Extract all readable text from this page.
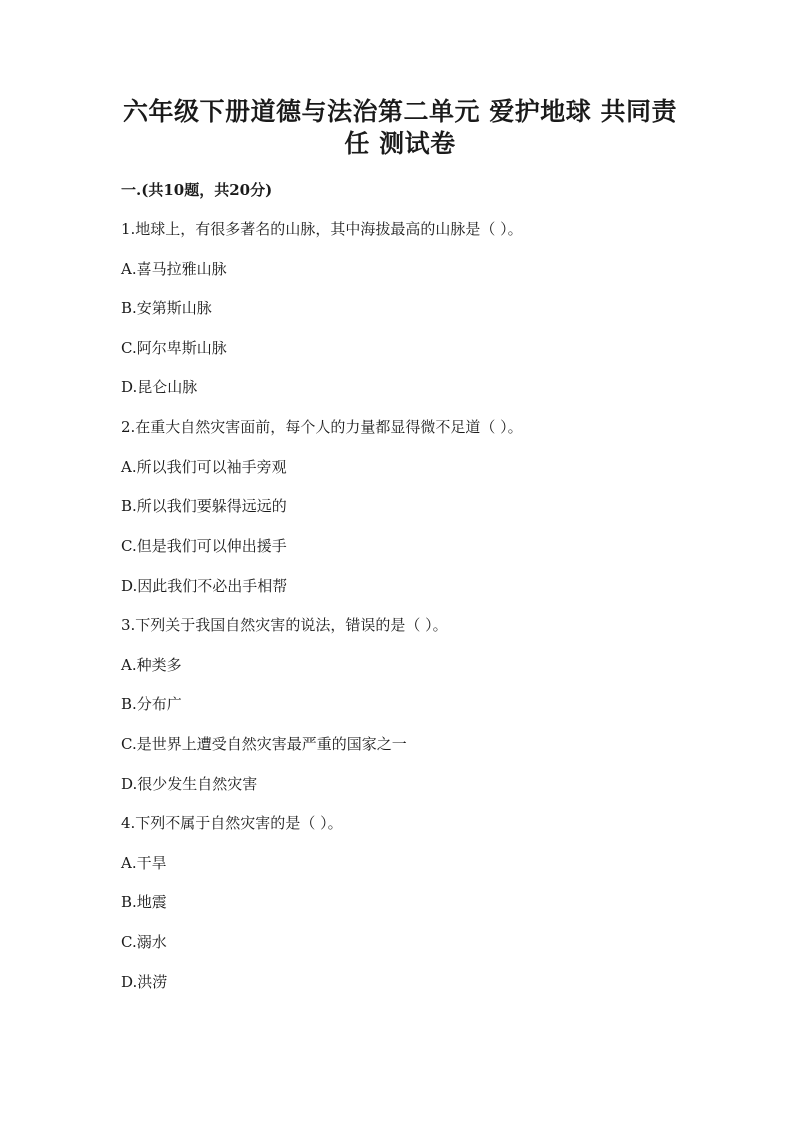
六年级下册道德与法治第二单元 爱护地球 共同责
任 测试卷
一.(共10题，共20分)
1.地球上，有很多著名的山脉，其中海拔最高的山脉是（ ）。
A.喜马拉雅山脉
B.安第斯山脉
C.阿尔卑斯山脉
D.昆仑山脉
2.在重大自然灾害面前，每个人的力量都显得微不足道（ ）。
A.所以我们可以袖手旁观
B.所以我们要躲得远远的
C.但是我们可以伸出援手
D.因此我们不必出手相帮
3.下列关于我国自然灾害的说法，错误的是（ ）。
A.种类多
B.分布广
C.是世界上遭受自然灾害最严重的国家之一
D.很少发生自然灾害
4.下列不属于自然灾害的是（ ）。
A.干旱
B.地震
C.溺水
D.洪涝
